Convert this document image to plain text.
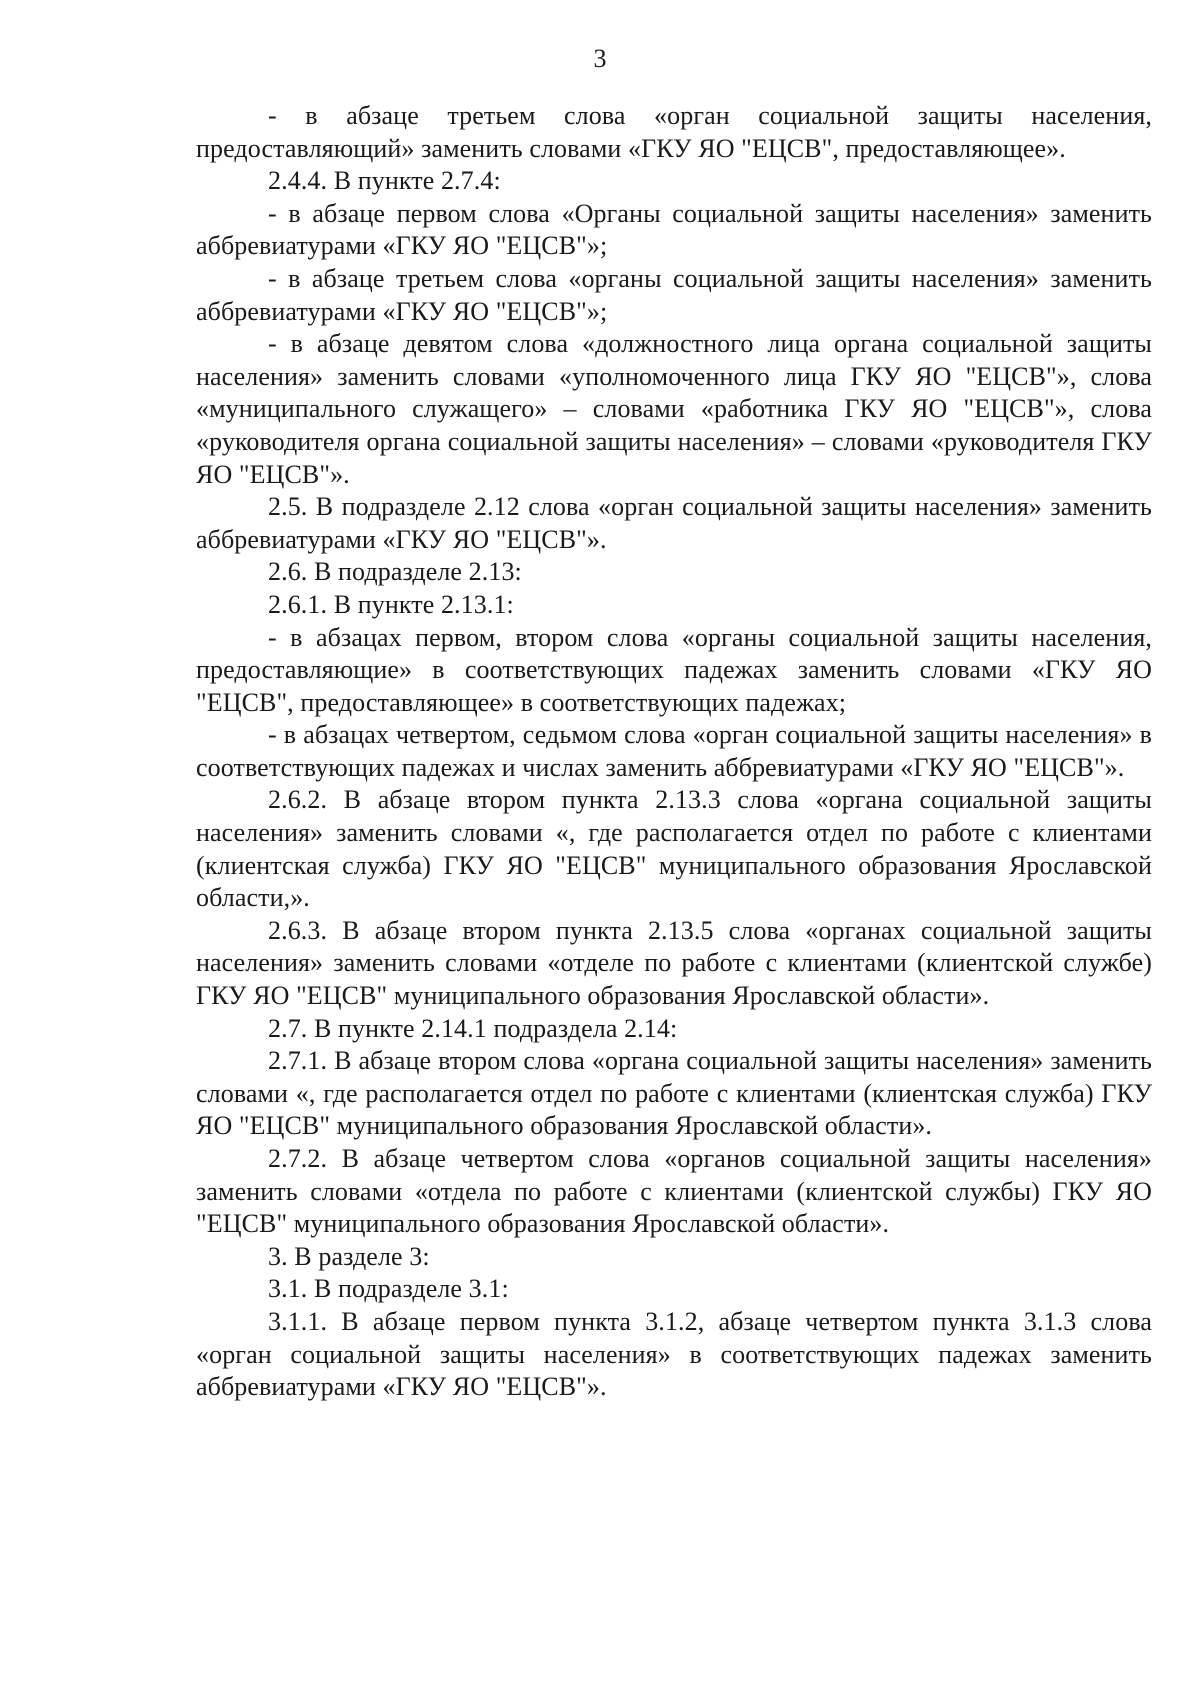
3

- в абзаце третьем слова «орган социальной защиты населения, предоставляющий» заменить словами «ГКУ ЯО "ЕЦСВ", предоставляющее».

2.4.4. В пункте 2.7.4:

- в абзаце первом слова «Органы социальной защиты населения» заменить аббревиатурами «ГКУ ЯО "ЕЦСВ"»;

- в абзаце третьем слова «органы социальной защиты населения» заменить аббревиатурами «ГКУ ЯО "ЕЦСВ"»;

- в абзаце девятом слова «должностного лица органа социальной защиты населения» заменить словами «уполномоченного лица ГКУ ЯО "ЕЦСВ"», слова «муниципального служащего» – словами «работника ГКУ ЯО "ЕЦСВ"», слова «руководителя органа социальной защиты населения» – словами «руководителя ГКУ ЯО "ЕЦСВ"».

2.5. В подразделе 2.12 слова «орган социальной защиты населения» заменить аббревиатурами «ГКУ ЯО "ЕЦСВ"».

2.6. В подразделе 2.13:

2.6.1. В пункте 2.13.1:

- в абзацах первом, втором слова «органы социальной защиты населения, предоставляющие» в соответствующих падежах заменить словами «ГКУ ЯО "ЕЦСВ", предоставляющее» в соответствующих падежах;

- в абзацах четвертом, седьмом слова «орган социальной защиты населения» в соответствующих падежах и числах заменить аббревиатурами «ГКУ ЯО "ЕЦСВ"».

2.6.2. В абзаце втором пункта 2.13.3 слова «органа социальной защиты населения» заменить словами «, где располагается отдел по работе с клиентами (клиентская служба) ГКУ ЯО "ЕЦСВ" муниципального образования Ярославской области,».

2.6.3. В абзаце втором пункта 2.13.5 слова «органах социальной защиты населения» заменить словами «отделе по работе с клиентами (клиентской службе) ГКУ ЯО "ЕЦСВ" муниципального образования Ярославской области».

2.7. В пункте 2.14.1 подраздела 2.14:

2.7.1. В абзаце втором слова «органа социальной защиты населения» заменить словами «, где располагается отдел по работе с клиентами (клиентская служба) ГКУ ЯО "ЕЦСВ" муниципального образования Ярославской области».

2.7.2. В абзаце четвертом слова «органов социальной защиты населения» заменить словами «отдела по работе с клиентами (клиентской службы) ГКУ ЯО "ЕЦСВ" муниципального образования Ярославской области».

3. В разделе 3:

3.1. В подразделе 3.1:

3.1.1. В абзаце первом пункта 3.1.2, абзаце четвертом пункта 3.1.3 слова «орган социальной защиты населения» в соответствующих падежах заменить аббревиатурами «ГКУ ЯО "ЕЦСВ"».
